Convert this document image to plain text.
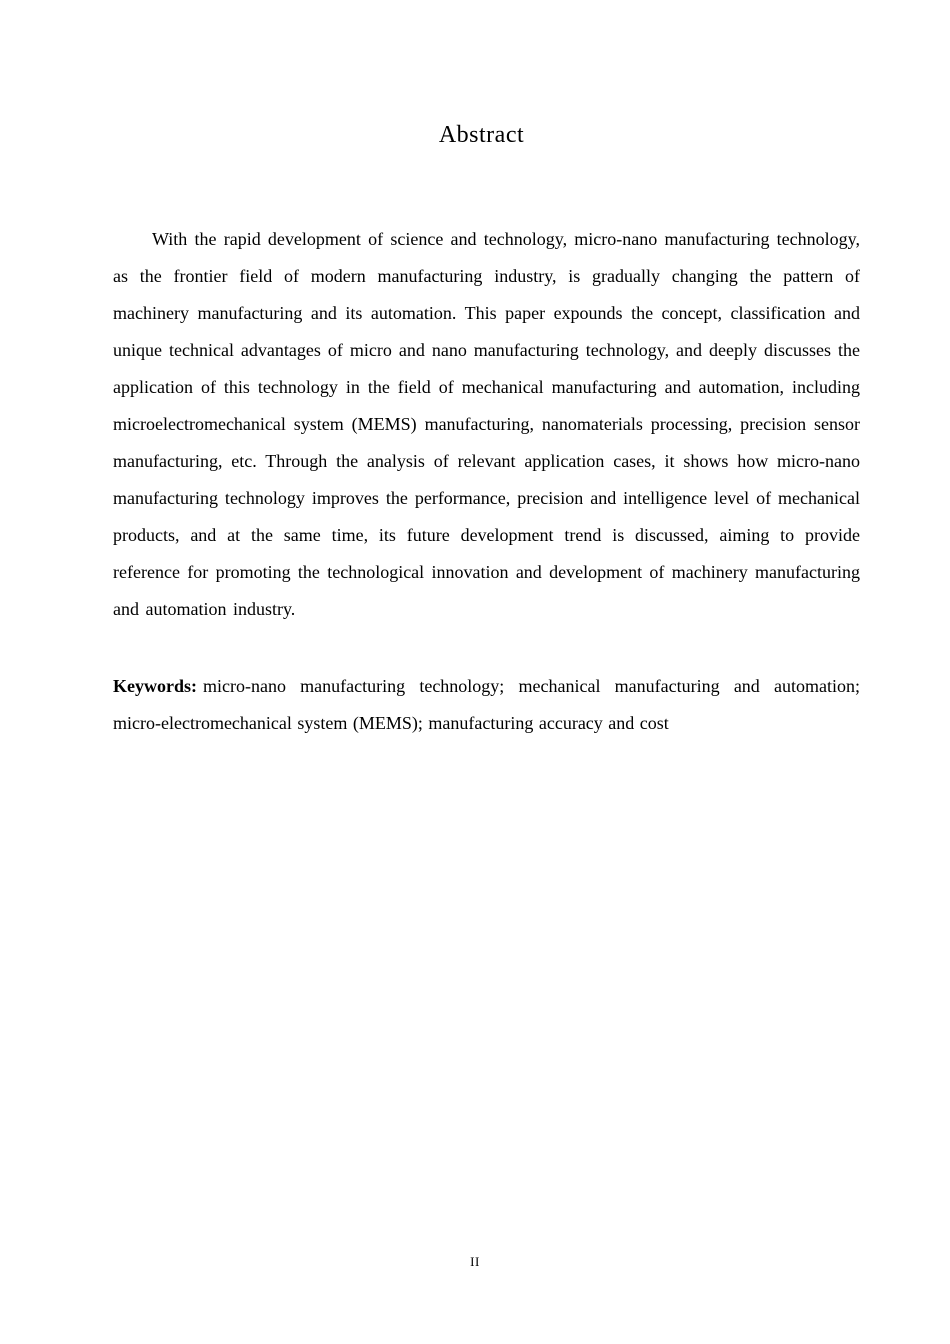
Abstract

With the rapid development of science and technology, micro-nano manufacturing technology, as the frontier field of modern manufacturing industry, is gradually changing the pattern of machinery manufacturing and its automation. This paper expounds the concept, classification and unique technical advantages of micro and nano manufacturing technology, and deeply discusses the application of this technology in the field of mechanical manufacturing and automation, including microelectromechanical system (MEMS) manufacturing, nanomaterials processing, precision sensor manufacturing, etc. Through the analysis of relevant application cases, it shows how micro-nano manufacturing technology improves the performance, precision and intelligence level of mechanical products, and at the same time, its future development trend is discussed, aiming to provide reference for promoting the technological innovation and development of machinery manufacturing and automation industry.

Keywords: micro-nano manufacturing technology; mechanical manufacturing and automation; micro-electromechanical system (MEMS); manufacturing accuracy and cost

II
